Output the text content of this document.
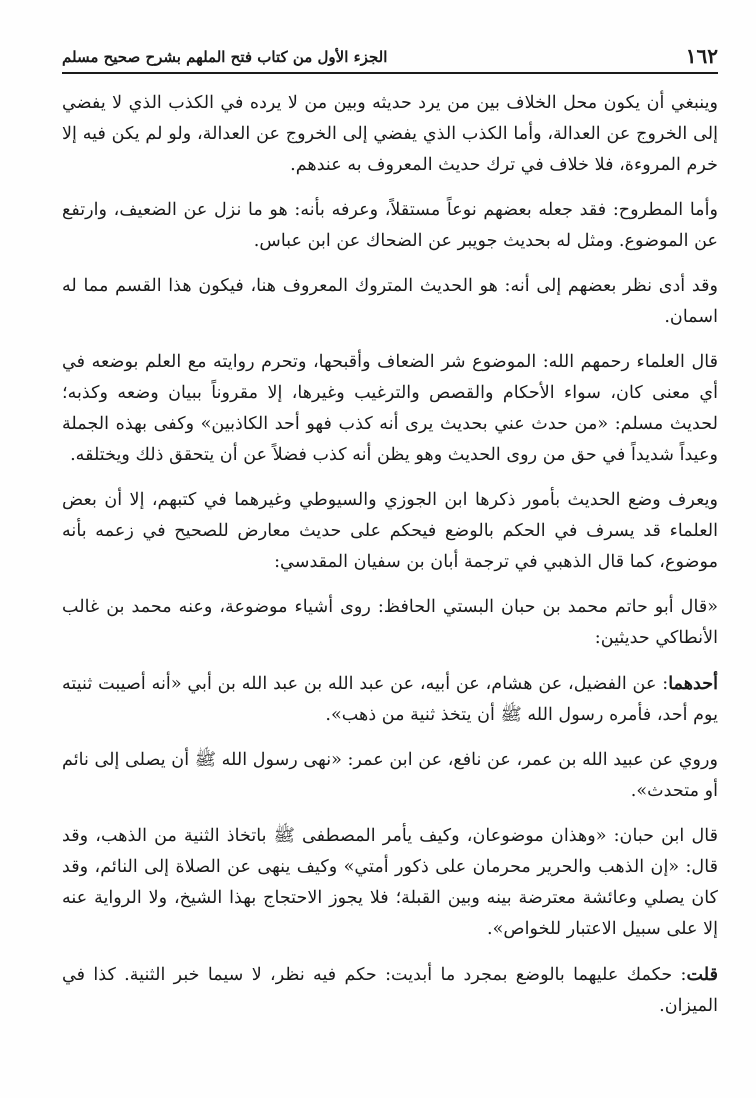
١٦٢
الجزء الأول من كتاب فتح الملهم بشرح صحيح مسلم

وينبغي أن يكون محل الخلاف بين من يرد حديثه وبين من لا يرده في الكذب الذي لا يفضي إلى الخروج عن العدالة، وأما الكذب الذي يفضي إلى الخروج عن العدالة، ولو لم يكن فيه إلا خرم المروءة، فلا خلاف في ترك حديث المعروف به عندهم.

وأما المطروح: فقد جعله بعضهم نوعاً مستقلاً، وعرفه بأنه: هو ما نزل عن الضعيف، وارتفع عن الموضوع. ومثل له بحديث جويبر عن الضحاك عن ابن عباس.

وقد أدى نظر بعضهم إلى أنه: هو الحديث المتروك المعروف هنا، فيكون هذا القسم مما له اسمان.

قال العلماء رحمهم الله: الموضوع شر الضعاف وأقبحها، وتحرم روايته مع العلم بوضعه في أي معنى كان، سواء الأحكام والقصص والترغيب وغيرها، إلا مقروناً ببيان وضعه وكذبه؛ لحديث مسلم: «من حدث عني بحديث يرى أنه كذب فهو أحد الكاذبين» وكفى بهذه الجملة وعيداً شديداً في حق من روى الحديث وهو يظن أنه كذب فضلاً عن أن يتحقق ذلك ويختلقه.

ويعرف وضع الحديث بأمور ذكرها ابن الجوزي والسيوطي وغيرهما في كتبهم، إلا أن بعض العلماء قد يسرف في الحكم بالوضع فيحكم على حديث معارض للصحيح في زعمه بأنه موضوع، كما قال الذهبي في ترجمة أبان بن سفيان المقدسي:

«قال أبو حاتم محمد بن حبان البستي الحافظ: روى أشياء موضوعة، وعنه محمد بن غالب الأنطاكي حديثين:

أحدهما: عن الفضيل، عن هشام، عن أبيه، عن عبد الله بن عبد الله بن أبي «أنه أصيبت ثنيته يوم أحد، فأمره رسول الله ﷺ أن يتخذ ثنية من ذهب».

وروي عن عبيد الله بن عمر، عن نافع، عن ابن عمر: «نهى رسول الله ﷺ أن يصلى إلى نائم أو متحدث».

قال ابن حبان: «وهذان موضوعان، وكيف يأمر المصطفى ﷺ باتخاذ الثنية من الذهب، وقد قال: «إن الذهب والحرير محرمان على ذكور أمتي» وكيف ينهى عن الصلاة إلى النائم، وقد كان يصلي وعائشة معترضة بينه وبين القبلة؛ فلا يجوز الاحتجاج بهذا الشيخ، ولا الرواية عنه إلا على سبيل الاعتبار للخواص».

قلت: حكمك عليهما بالوضع بمجرد ما أبديت: حكم فيه نظر، لا سيما خبر الثنية. كذا في الميزان.
